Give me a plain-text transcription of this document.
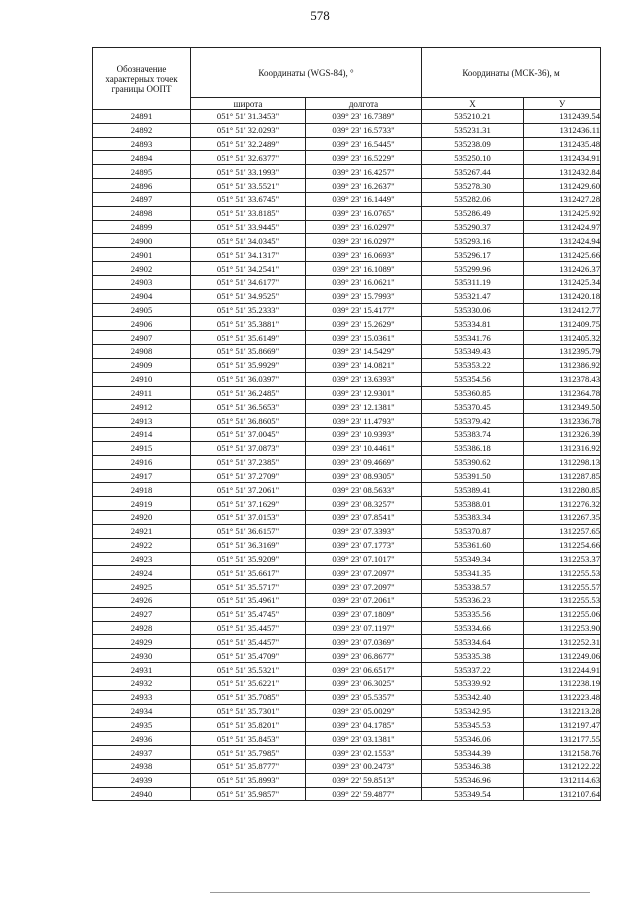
578
Обозначение характерных точек границы ООПТ	Координаты (WGS-84), °		Координаты (МСК-36), м	
	широта	долгота	X	У
24891	051° 51' 31.3453"	039° 23' 16.7389"	535210.21	1312439.54
24892	051° 51' 32.0293"	039° 23' 16.5733"	535231.31	1312436.11
24893	051° 51' 32.2489"	039° 23' 16.5445"	535238.09	1312435.48
24894	051° 51' 32.6377"	039° 23' 16.5229"	535250.10	1312434.91
24895	051° 51' 33.1993"	039° 23' 16.4257"	535267.44	1312432.84
24896	051° 51' 33.5521"	039° 23' 16.2637"	535278.30	1312429.60
24897	051° 51' 33.6745"	039° 23' 16.1449"	535282.06	1312427.28
24898	051° 51' 33.8185"	039° 23' 16.0765"	535286.49	1312425.92
24899	051° 51' 33.9445"	039° 23' 16.0297"	535290.37	1312424.97
24900	051° 51' 34.0345"	039° 23' 16.0297"	535293.16	1312424.94
24901	051° 51' 34.1317"	039° 23' 16.0693"	535296.17	1312425.66
24902	051° 51' 34.2541"	039° 23' 16.1089"	535299.96	1312426.37
24903	051° 51' 34.6177"	039° 23' 16.0621"	535311.19	1312425.34
24904	051° 51' 34.9525"	039° 23' 15.7993"	535321.47	1312420.18
24905	051° 51' 35.2333"	039° 23' 15.4177"	535330.06	1312412.77
24906	051° 51' 35.3881"	039° 23' 15.2629"	535334.81	1312409.75
24907	051° 51' 35.6149"	039° 23' 15.0361"	535341.76	1312405.32
24908	051° 51' 35.8669"	039° 23' 14.5429"	535349.43	1312395.79
24909	051° 51' 35.9929"	039° 23' 14.0821"	535353.22	1312386.92
24910	051° 51' 36.0397"	039° 23' 13.6393"	535354.56	1312378.43
24911	051° 51' 36.2485"	039° 23' 12.9301"	535360.85	1312364.78
24912	051° 51' 36.5653"	039° 23' 12.1381"	535370.45	1312349.50
24913	051° 51' 36.8605"	039° 23' 11.4793"	535379.42	1312336.78
24914	051° 51' 37.0045"	039° 23' 10.9393"	535383.74	1312326.39
24915	051° 51' 37.0873"	039° 23' 10.4461"	535386.18	1312316.92
24916	051° 51' 37.2385"	039° 23' 09.4669"	535390.62	1312298.13
24917	051° 51' 37.2709"	039° 23' 08.9305"	535391.50	1312287.85
24918	051° 51' 37.2061"	039° 23' 08.5633"	535389.41	1312280.85
24919	051° 51' 37.1629"	039° 23' 08.3257"	535388.01	1312276.32
24920	051° 51' 37.0153"	039° 23' 07.8541"	535383.34	1312267.35
24921	051° 51' 36.6157"	039° 23' 07.3393"	535370.87	1312257.65
24922	051° 51' 36.3169"	039° 23' 07.1773"	535361.60	1312254.66
24923	051° 51' 35.9209"	039° 23' 07.1017"	535349.34	1312253.37
24924	051° 51' 35.6617"	039° 23' 07.2097"	535341.35	1312255.53
24925	051° 51' 35.5717"	039° 23' 07.2097"	535338.57	1312255.57
24926	051° 51' 35.4961"	039° 23' 07.2061"	535336.23	1312255.53
24927	051° 51' 35.4745"	039° 23' 07.1809"	535335.56	1312255.06
24928	051° 51' 35.4457"	039° 23' 07.1197"	535334.66	1312253.90
24929	051° 51' 35.4457"	039° 23' 07.0369"	535334.64	1312252.31
24930	051° 51' 35.4709"	039° 23' 06.8677"	535335.38	1312249.06
24931	051° 51' 35.5321"	039° 23' 06.6517"	535337.22	1312244.91
24932	051° 51' 35.6221"	039° 23' 06.3025"	535339.92	1312238.19
24933	051° 51' 35.7085"	039° 23' 05.5357"	535342.40	1312223.48
24934	051° 51' 35.7301"	039° 23' 05.0029"	535342.95	1312213.28
24935	051° 51' 35.8201"	039° 23' 04.1785"	535345.53	1312197.47
24936	051° 51' 35.8453"	039° 23' 03.1381"	535346.06	1312177.55
24937	051° 51' 35.7985"	039° 23' 02.1553"	535344.39	1312158.76
24938	051° 51' 35.8777"	039° 23' 00.2473"	535346.38	1312122.22
24939	051° 51' 35.8993"	039° 22' 59.8513"	535346.96	1312114.63
24940	051° 51' 35.9857"	039° 22' 59.4877"	535349.54	1312107.64
